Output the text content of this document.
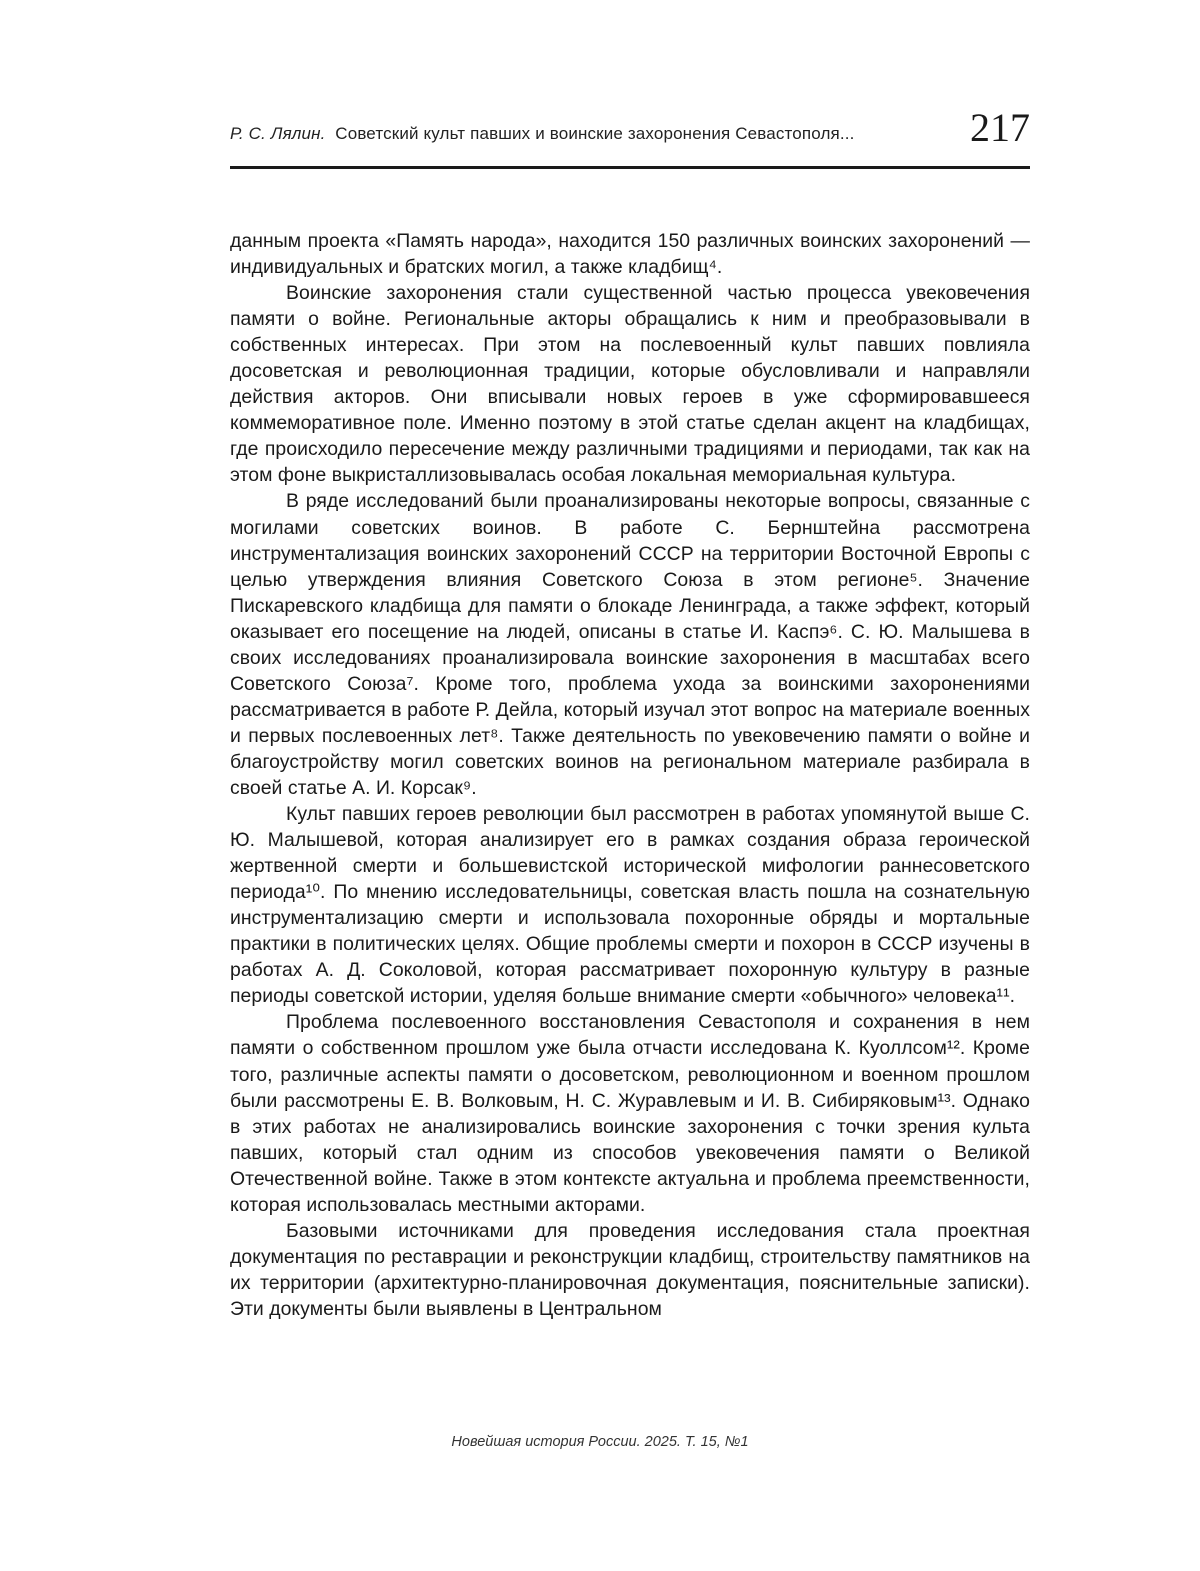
Р. С. Лялин. Советский культ павших и воинские захоронения Севастополя...	217

данным проекта «Память народа», находится 150 различных воинских захоронений — индивидуальных и братских могил, а также кладбищ⁴.

Воинские захоронения стали существенной частью процесса увековечения памяти о войне. Региональные акторы обращались к ним и преобразовывали в собственных интересах. При этом на послевоенный культ павших повлияла досоветская и революционная традиции, которые обусловливали и направляли действия акторов. Они вписывали новых героев в уже сформировавшееся коммеморативное поле. Именно поэтому в этой статье сделан акцент на кладбищах, где происходило пересечение между различными традициями и периодами, так как на этом фоне выкристаллизовывалась особая локальная мемориальная культура.

В ряде исследований были проанализированы некоторые вопросы, связанные с могилами советских воинов. В работе С. Бернштейна рассмотрена инструментализация воинских захоронений СССР на территории Восточной Европы с целью утверждения влияния Советского Союза в этом регионе⁵. Значение Пискаревского кладбища для памяти о блокаде Ленинграда, а также эффект, который оказывает его посещение на людей, описаны в статье И. Каспэ⁶. С. Ю. Малышева в своих исследованиях проанализировала воинские захоронения в масштабах всего Советского Союза⁷. Кроме того, проблема ухода за воинскими захоронениями рассматривается в работе Р. Дейла, который изучал этот вопрос на материале военных и первых послевоенных лет⁸. Также деятельность по увековечению памяти о войне и благоустройству могил советских воинов на региональном материале разбирала в своей статье А. И. Корсак⁹.

Культ павших героев революции был рассмотрен в работах упомянутой выше С. Ю. Малышевой, которая анализирует его в рамках создания образа героической жертвенной смерти и большевистской исторической мифологии раннесоветского периода¹⁰. По мнению исследовательницы, советская власть пошла на сознательную инструментализацию смерти и использовала похоронные обряды и мортальные практики в политических целях. Общие проблемы смерти и похорон в СССР изучены в работах А. Д. Соколовой, которая рассматривает похоронную культуру в разные периоды советской истории, уделяя больше внимание смерти «обычного» человека¹¹.

Проблема послевоенного восстановления Севастополя и сохранения в нем памяти о собственном прошлом уже была отчасти исследована К. Куоллсом¹². Кроме того, различные аспекты памяти о досоветском, революционном и военном прошлом были рассмотрены Е. В. Волковым, Н. С. Журавлевым и И. В. Сибиряковым¹³. Однако в этих работах не анализировались воинские захоронения с точки зрения культа павших, который стал одним из способов увековечения памяти о Великой Отечественной войне. Также в этом контексте актуальна и проблема преемственности, которая использовалась местными акторами.

Базовыми источниками для проведения исследования стала проектная документация по реставрации и реконструкции кладбищ, строительству памятников на их территории (архитектурно-планировочная документация, пояснительные записки). Эти документы были выявлены в Центральном

Новейшая история России. 2025. Т. 15, №1
